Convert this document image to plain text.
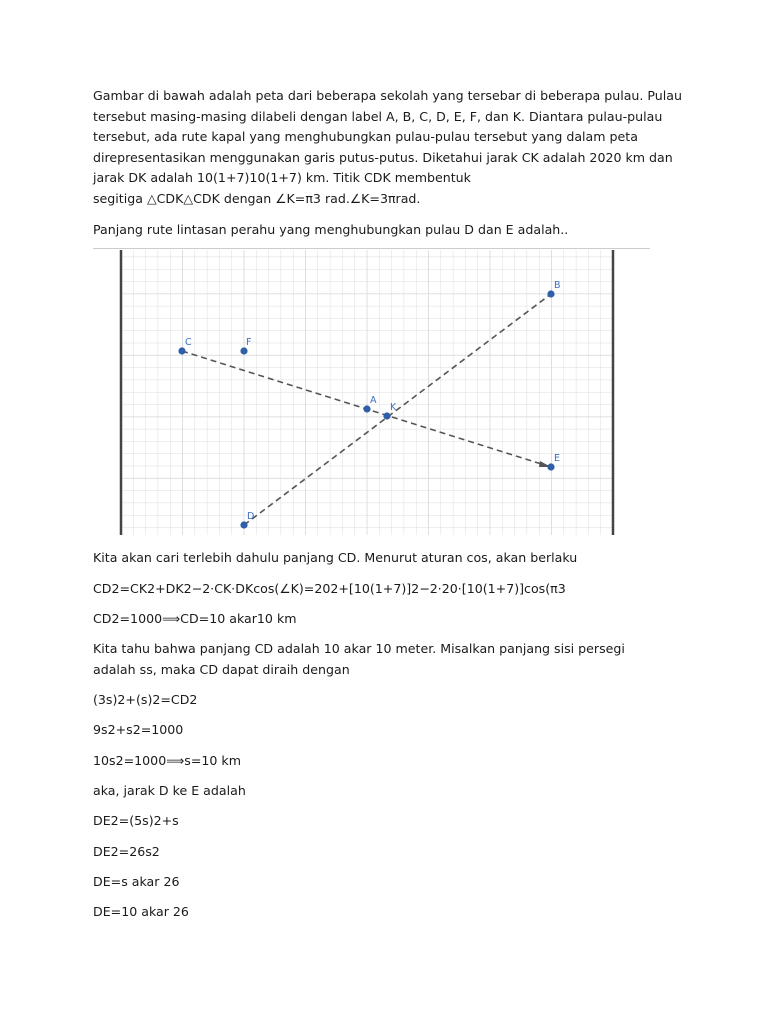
Gambar di bawah adalah peta dari beberapa sekolah yang tersebar di beberapa pulau. Pulau
tersebut masing-masing dilabeli dengan label A, B, C, D, E, F, dan K. Diantara pulau-pulau
tersebut, ada rute kapal yang menghubungkan pulau-pulau tersebut yang dalam peta
direpresentasikan menggunakan garis putus-putus. Diketahui jarak CK adalah 2020 km dan
jarak DK adalah 10(1+7)10(1+7) km. Titik CDK membentuk
segitiga △CDK△CDK dengan ∠K=π3 rad.∠K=3πrad.

Panjang rute lintasan perahu yang menghubungkan pulau D dan E adalah..

C	F
A
K
B
E
D
Kita akan cari terlebih dahulu panjang CD. Menurut aturan cos, akan berlaku
CD2=CK2+DK2−2⋅CK⋅DKcos(∠K)=202+[10(1+7)]2−2⋅20⋅[10(1+7)]cos(π3
CD2=1000⟹CD=10 akar10 km
Kita tahu bahwa panjang CD adalah 10 akar 10 meter. Misalkan panjang sisi persegi
adalah ss, maka CD dapat diraih dengan
(3s)2+(s)2=CD2
9s2+s2=1000
10s2=1000⟹s=10 km
aka, jarak D ke E adalah
DE2=(5s)2+s
DE2=26s2
DE=s akar 26
DE=10 akar 26
